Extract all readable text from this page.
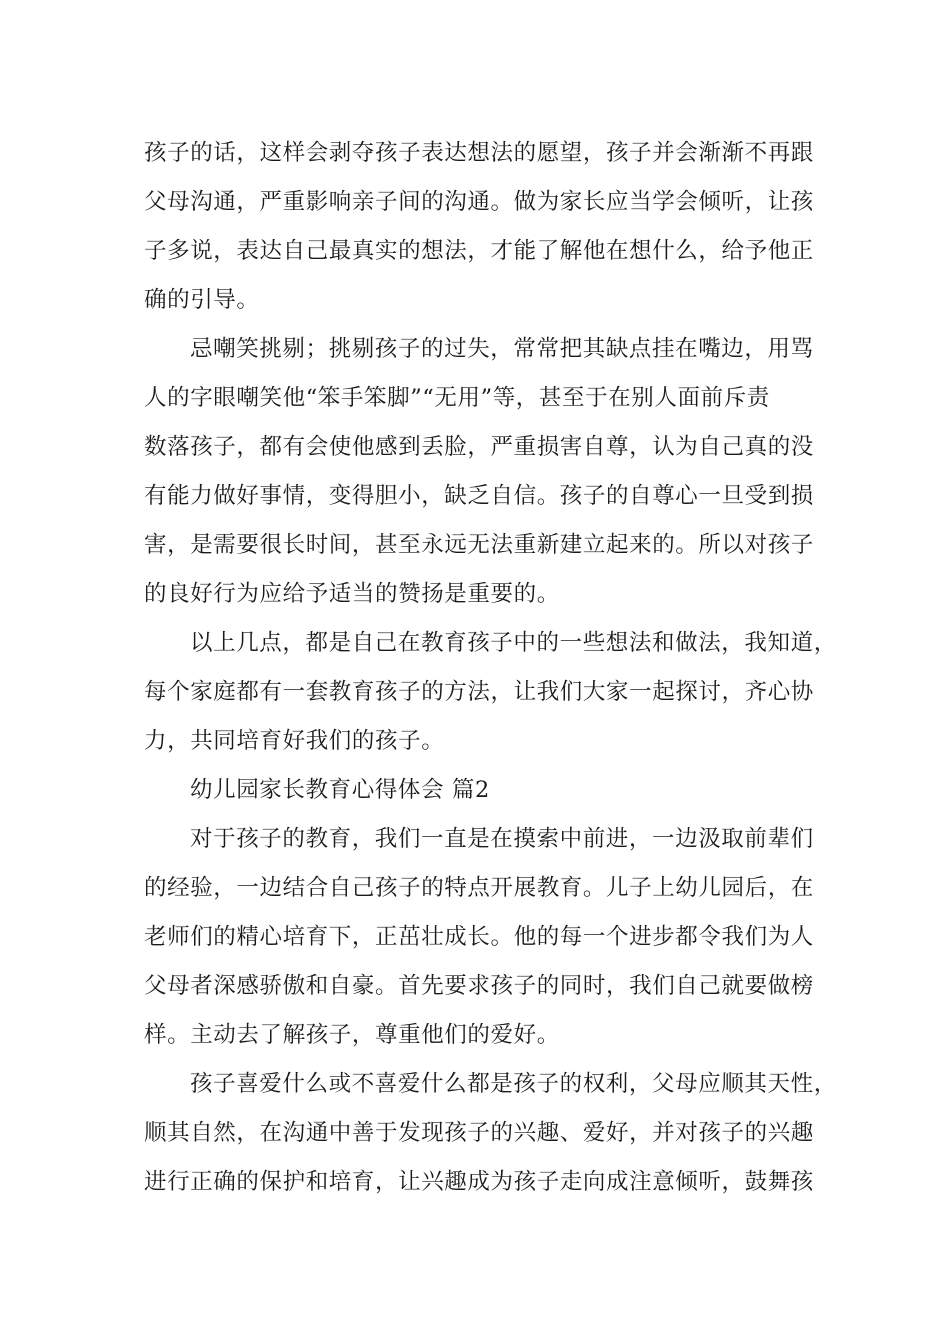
孩子的话，这样会剥夺孩子表达想法的愿望，孩子并会渐渐不再跟
父母沟通，严重影响亲子间的沟通。做为家长应当学会倾听，让孩
子多说，表达自己最真实的想法，才能了解他在想什么，给予他正
确的引导。
忌嘲笑挑剔；挑剔孩子的过失，常常把其缺点挂在嘴边，用骂
人的字眼嘲笑他“笨手笨脚”“无用”等，甚至于在别人面前斥责
数落孩子，都有会使他感到丢脸，严重损害自尊，认为自己真的没
有能力做好事情，变得胆小，缺乏自信。孩子的自尊心一旦受到损
害，是需要很长时间，甚至永远无法重新建立起来的。所以对孩子
的良好行为应给予适当的赞扬是重要的。
以上几点，都是自己在教育孩子中的一些想法和做法，我知道，
每个家庭都有一套教育孩子的方法，让我们大家一起探讨，齐心协
力，共同培育好我们的孩子。
幼儿园家长教育心得体会 篇2
对于孩子的教育，我们一直是在摸索中前进，一边汲取前辈们
的经验，一边结合自己孩子的特点开展教育。儿子上幼儿园后，在
老师们的精心培育下，正茁壮成长。他的每一个进步都令我们为人
父母者深感骄傲和自豪。首先要求孩子的同时，我们自己就要做榜
样。主动去了解孩子，尊重他们的爱好。
孩子喜爱什么或不喜爱什么都是孩子的权利，父母应顺其天性，
顺其自然，在沟通中善于发现孩子的兴趣、爱好，并对孩子的兴趣
进行正确的保护和培育，让兴趣成为孩子走向成注意倾听，鼓舞孩
